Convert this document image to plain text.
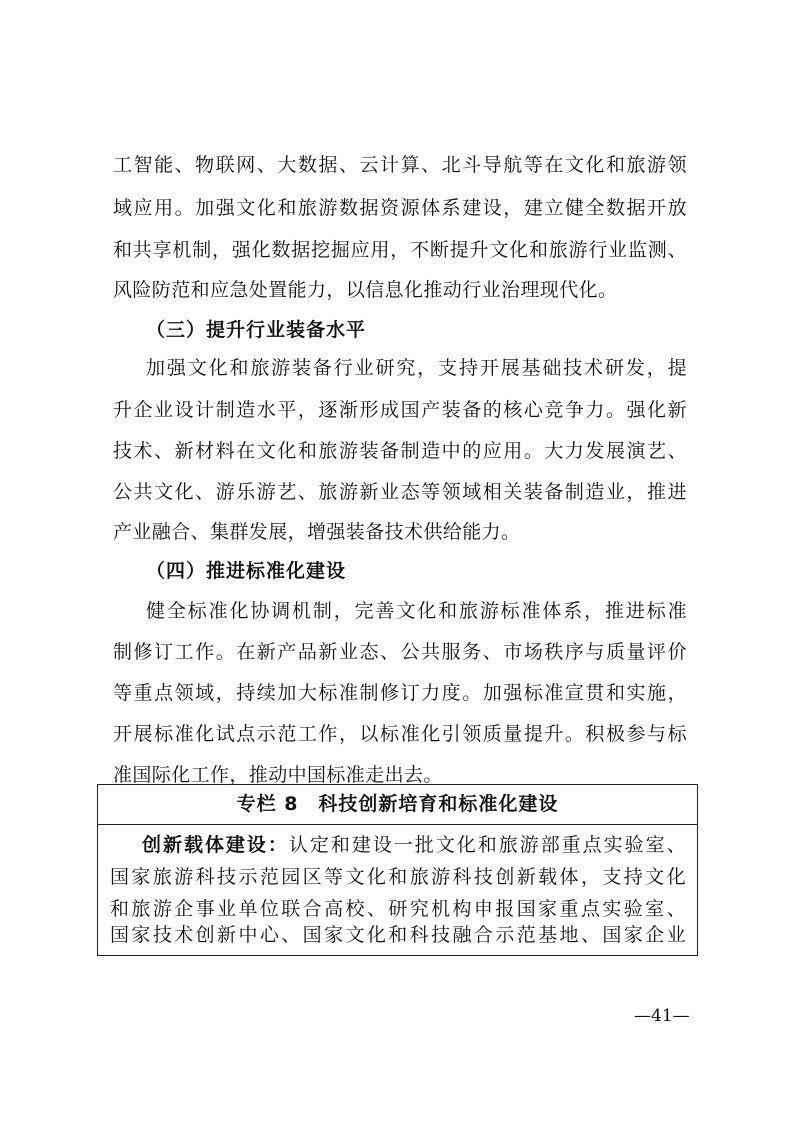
工智能、物联网、大数据、云计算、北斗导航等在文化和旅游领
域应用。加强文化和旅游数据资源体系建设，建立健全数据开放
和共享机制，强化数据挖掘应用，不断提升文化和旅游行业监测、
风险防范和应急处置能力，以信息化推动行业治理现代化。
（三）提升行业装备水平
加强文化和旅游装备行业研究，支持开展基础技术研发，提
升企业设计制造水平，逐渐形成国产装备的核心竞争力。强化新
技术、新材料在文化和旅游装备制造中的应用。大力发展演艺、
公共文化、游乐游艺、旅游新业态等领域相关装备制造业，推进
产业融合、集群发展，增强装备技术供给能力。
（四）推进标准化建设
健全标准化协调机制，完善文化和旅游标准体系，推进标准
制修订工作。在新产品新业态、公共服务、市场秩序与质量评价
等重点领域，持续加大标准制修订力度。加强标准宣贯和实施，
开展标准化试点示范工作，以标准化引领质量提升。积极参与标
准国际化工作，推动中国标准走出去。
专栏 8　科技创新培育和标准化建设
创新载体建设：认定和建设一批文化和旅游部重点实验室、
国家旅游科技示范园区等文化和旅游科技创新载体，支持文化
和旅游企事业单位联合高校、研究机构申报国家重点实验室、
国家技术创新中心、国家文化和科技融合示范基地、国家企业
—41—
